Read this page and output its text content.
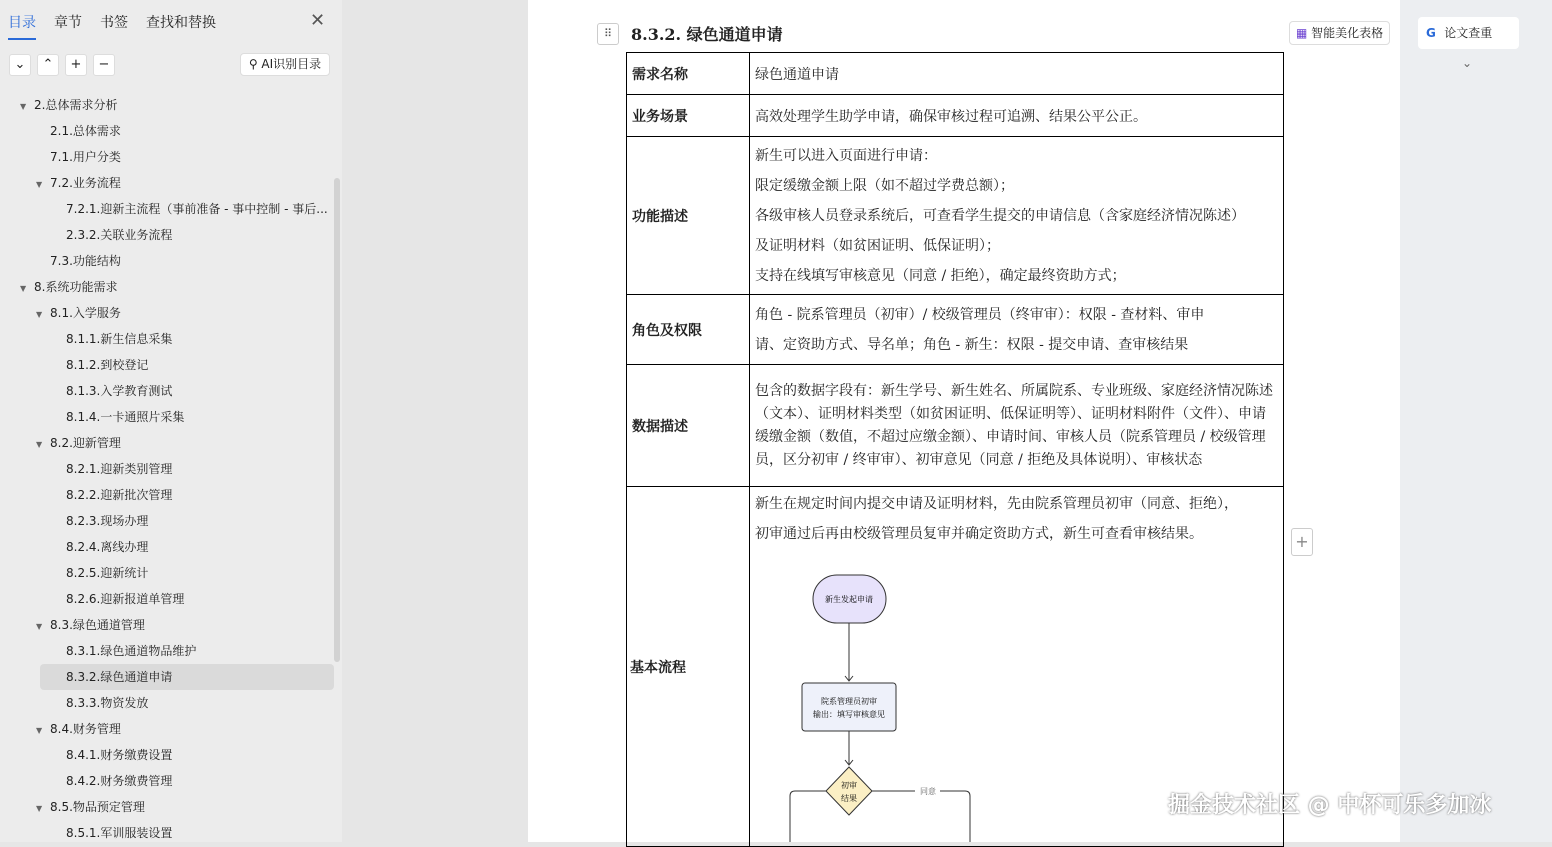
目录 章节 书签 查找和替换	✕
⌄	⌃	+	−	⚲ AI识别目录
▼ 2.总体需求分析
2.1.总体需求
7.1.用户分类
▼ 7.2.业务流程
7.2.1.迎新主流程（事前准备 - 事中控制 - 事后...
2.3.2.关联业务流程
7.3.功能结构
▼ 8.系统功能需求
▼ 8.1.入学服务
8.1.1.新生信息采集
8.1.2.到校登记
8.1.3.入学教育测试
8.1.4.一卡通照片采集
▼ 8.2.迎新管理
8.2.1.迎新类别管理
8.2.2.迎新批次管理
8.2.3.现场办理
8.2.4.离线办理
8.2.5.迎新统计
8.2.6.迎新报道单管理
▼ 8.3.绿色通道管理
8.3.1.绿色通道物品维护
8.3.2.绿色通道申请
8.3.3.物资发放
▼ 8.4.财务管理
8.4.1.财务缴费设置
8.4.2.财务缴费管理
▼ 8.5.物品预定管理
8.5.1.军训服装设置
⠿	8.3.2. 绿色通道申请	▦ 智能美化表格
需求名称	绿色通道申请
业务场景	高效处理学生助学申请，确保审核过程可追溯、结果公平公正。
功能描述	新生可以进入页面进行申请：
限定缓缴金额上限（如不超过学费总额）；
各级审核人员登录系统后，可查看学生提交的申请信息（含家庭经济情况陈述）
及证明材料（如贫困证明、低保证明）；
支持在线填写审核意见（同意 / 拒绝），确定最终资助方式；

角色及权限	角色 - 院系管理员（初审）/ 校级管理员（终审审）：权限 - 查材料、审申
请、定资助方式、导名单；角色 - 新生：权限 - 提交申请、查审核结果

数据描述	包含的数据字段有：新生学号、新生姓名、所属院系、专业班级、家庭经济情况陈述（文本）、证明材料类型（如贫困证明、低保证明等）、证明材料附件（文件）、申请缓缴金额（数值，不超过应缴金额）、申请时间、审核人员（院系管理员 / 校级管理员，区分初审 / 终审审）、初审意见（同意 / 拒绝及具体说明）、审核状态
基本流程	新生在规定时间内提交申请及证明材料，先由院系管理员初审（同意、拒绝），
初审通过后再由校级管理员复审并确定资助方式，新生可查看审核结果。
新生发起申请
院系管理员初审
输出：填写审核意见
初审
结果
同意
+
G  论文查重
⌄
掘金技术社区 @ 中杯可乐多加冰
